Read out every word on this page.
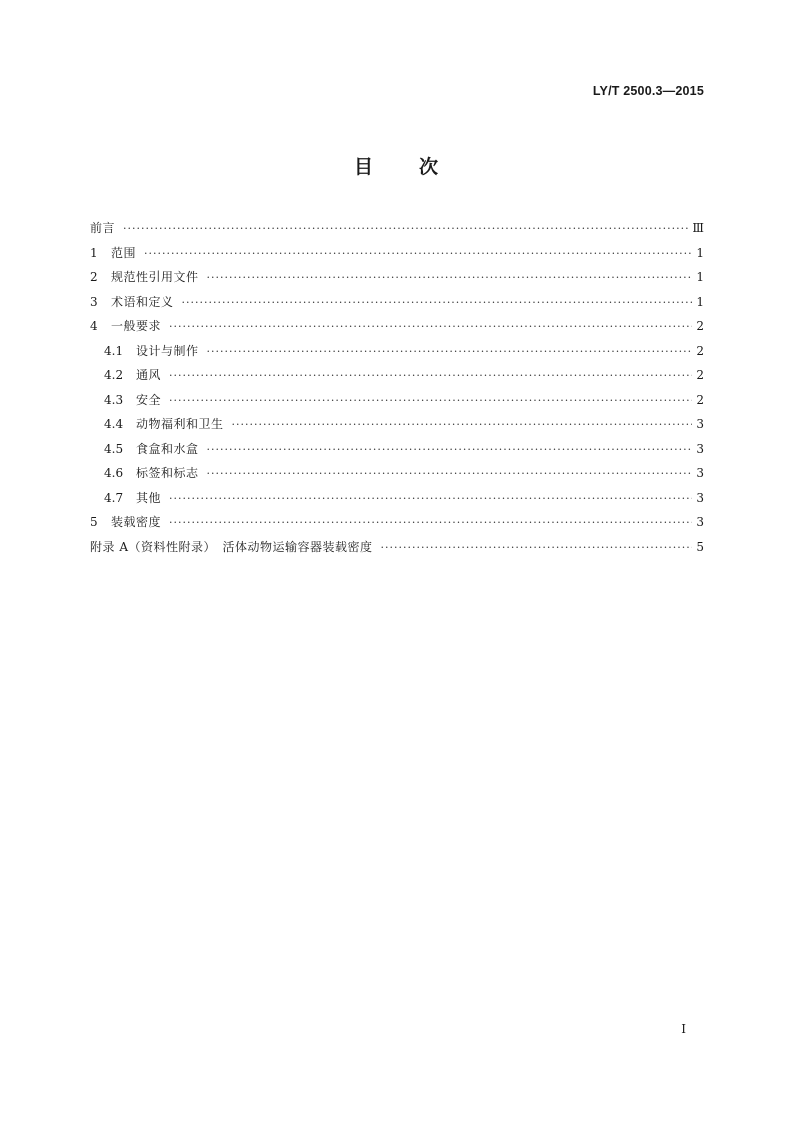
LY/T 2500.3—2015
目 次
前言 ·····	Ⅲ
1	范围 ·····	1
2	规范性引用文件 ·····	1
3	术语和定义 ·····	1
4	一般要求 ·····	2
4.1	设计与制作 ·····	2
4.2	通风 ·····	2
4.3	安全 ·····	2
4.4	动物福利和卫生 ·····	3
4.5	食盒和水盒 ·····	3
4.6	标签和标志 ·····	3
4.7	其他 ·····	3
5	装载密度 ·····	3
附录 A（资料性附录）　活体动物运输容器装载密度 ·····	5
I
